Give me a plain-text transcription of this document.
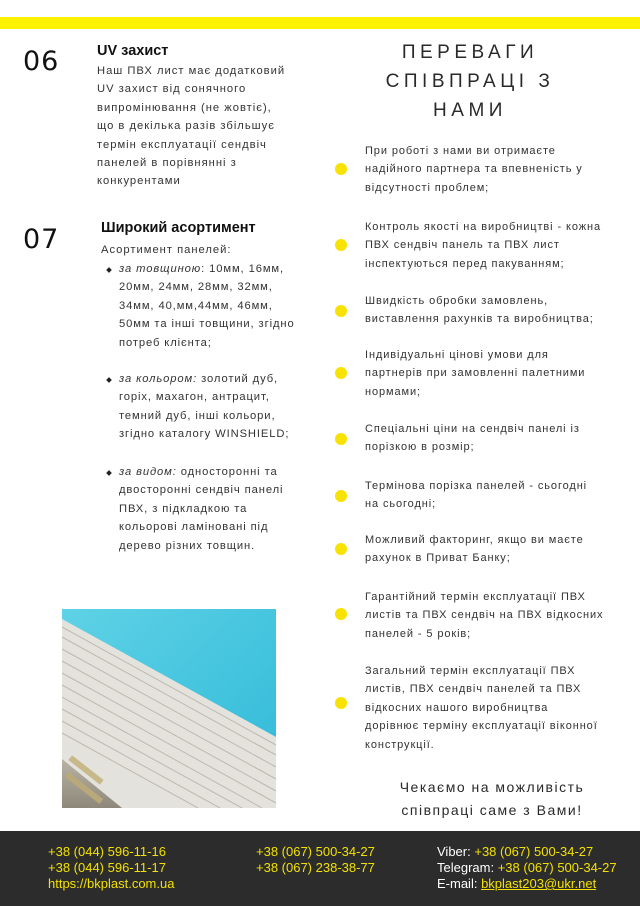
06	UV захист
Наш ПВХ лист має додатковий
UV захист від сонячного
випромінювання (не жовтіє),
що в декілька разів збільшує
термін експлуатації сендвіч
панелей в порівнянні з
конкурентами
07	Широкий асортимент
Асортимент панелей:
за товщиною: 10мм, 16мм,
20мм, 24мм, 28мм, 32мм,
34мм, 40,мм,44мм, 46мм,
50мм та інші товщини, згідно
потреб клієнта;
за кольором: золотий дуб,
горіх, махагон, антрацит,
темний дуб, інші кольори,
згідно каталогу WINSHIELD;
за видом: односторонні та
двосторонні сендвіч панелі
ПВХ, з підкладкою та
кольорові ламіновані під
дерево різних товщин.
ПЕРЕВАГИ
СПІВПРАЦІ З
НАМИ
При роботі з нами ви отримаєте
надійного партнера та впевненість у
відсутності проблем;
Контроль якості на виробництві - кожна
ПВХ сендвіч панель та ПВХ лист
інспектуються перед пакуванням;
Швидкість обробки замовлень,
виставлення рахунків та виробництва;
Індивідуальні цінові умови для
партнерів при замовленні палетними
нормами;
Спеціальні ціни на сендвіч панелі із
порізкою в розмір;
Термінова порізка панелей - сьогодні
на сьогодні;
Можливий факторинг, якщо ви маєте
рахунок в Приват Банку;
Гарантійний термін експлуатації ПВХ
листів та ПВХ сендвіч на ПВХ відкосних
панелей - 5 років;
Загальний термін експлуатації ПВХ
листів, ПВХ сендвіч панелей та ПВХ
відкосних нашого виробництва
дорівнює терміну експлуатації віконної
конструкції.
Чекаємо на можливість
співпраці саме з Вами!
+38 (044) 596-11-16
+38 (044) 596-11-17
https://bkplast.com.ua
+38 (067) 500-34-27
+38 (067) 238-38-77
Viber: +38 (067) 500-34-27
Telegram: +38 (067) 500-34-27
E-mail: bkplast203@ukr.net
